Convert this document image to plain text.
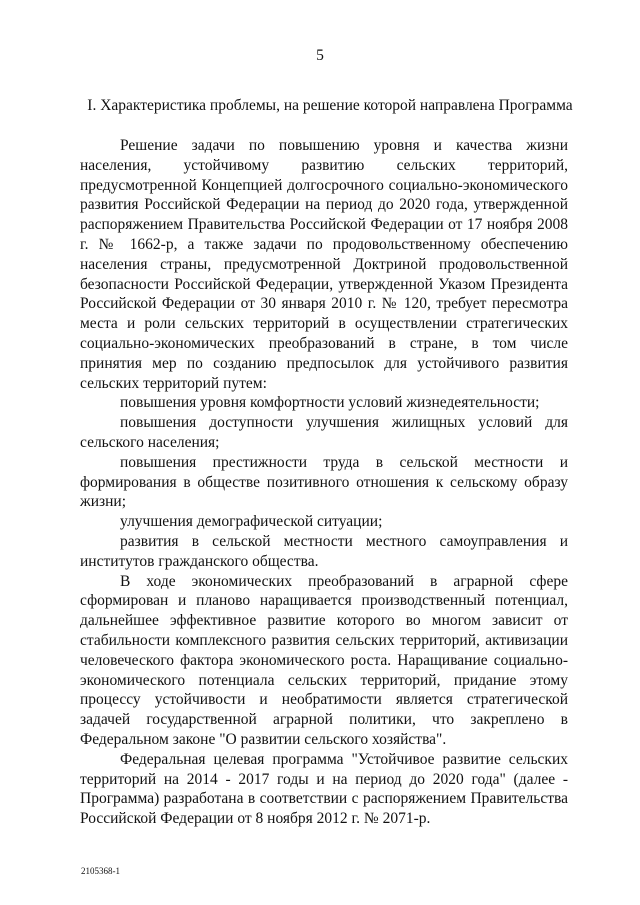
5
I. Характеристика проблемы, на решение которой направлена Программа

Решение задачи по повышению уровня и качества жизни населения, устойчивому развитию сельских территорий, предусмотренной Концепцией долгосрочного социально-экономического развития Российской Федерации на период до 2020 года, утвержденной распоряжением Правительства Российской Федерации от 17 ноября 2008 г. № 1662-р, а также задачи по продовольственному обеспечению населения страны, предусмотренной Доктриной продовольственной безопасности Российской Федерации, утвержденной Указом Президента Российской Федерации от 30 января 2010 г. № 120, требует пересмотра места и роли сельских территорий в осуществлении стратегических социально-экономических преобразований в стране, в том числе принятия мер по созданию предпосылок для устойчивого развития сельских территорий путем:

повышения уровня комфортности условий жизнедеятельности;

повышения доступности улучшения жилищных условий для сельского населения;

повышения престижности труда в сельской местности и формирования в обществе позитивного отношения к сельскому образу жизни;

улучшения демографической ситуации;

развития в сельской местности местного самоуправления и институтов гражданского общества.

В ходе экономических преобразований в аграрной сфере сформирован и планово наращивается производственный потенциал, дальнейшее эффективное развитие которого во многом зависит от стабильности комплексного развития сельских территорий, активизации человеческого фактора экономического роста. Наращивание социально-экономического потенциала сельских территорий, придание этому процессу устойчивости и необратимости является стратегической задачей государственной аграрной политики, что закреплено в Федеральном законе "О развитии сельского хозяйства".

Федеральная целевая программа "Устойчивое развитие сельских территорий на 2014 - 2017 годы и на период до 2020 года" (далее - Программа) разработана в соответствии с распоряжением Правительства Российской Федерации от 8 ноября 2012 г. № 2071-р.

2105368-1
